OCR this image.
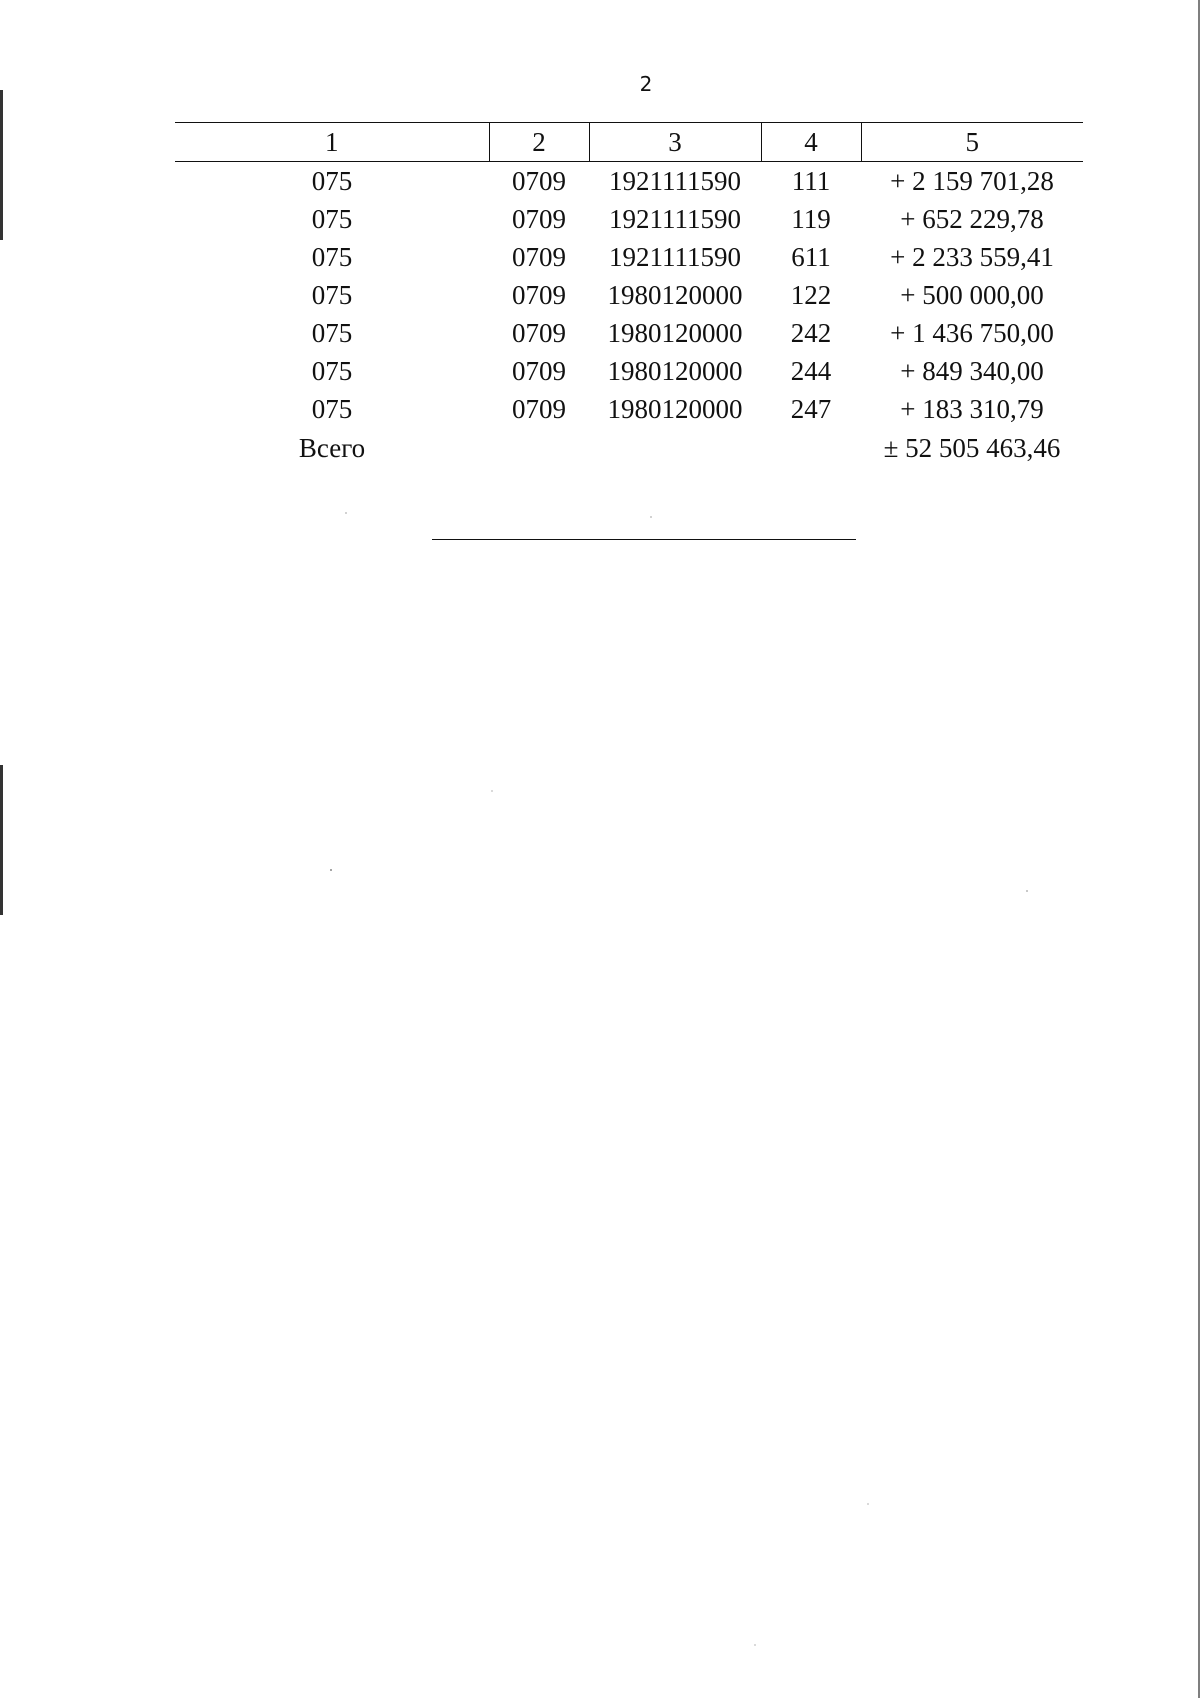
2
1	2	3	4	5
075	0709	1921111590	111	+ 2 159 701,28
075	0709	1921111590	119	+ 652 229,78
075	0709	1921111590	611	+ 2 233 559,41
075	0709	1980120000	122	+ 500 000,00
075	0709	1980120000	242	+ 1 436 750,00
075	0709	1980120000	244	+ 849 340,00
075	0709	1980120000	247	+ 183 310,79
Всего				± 52 505 463,46
